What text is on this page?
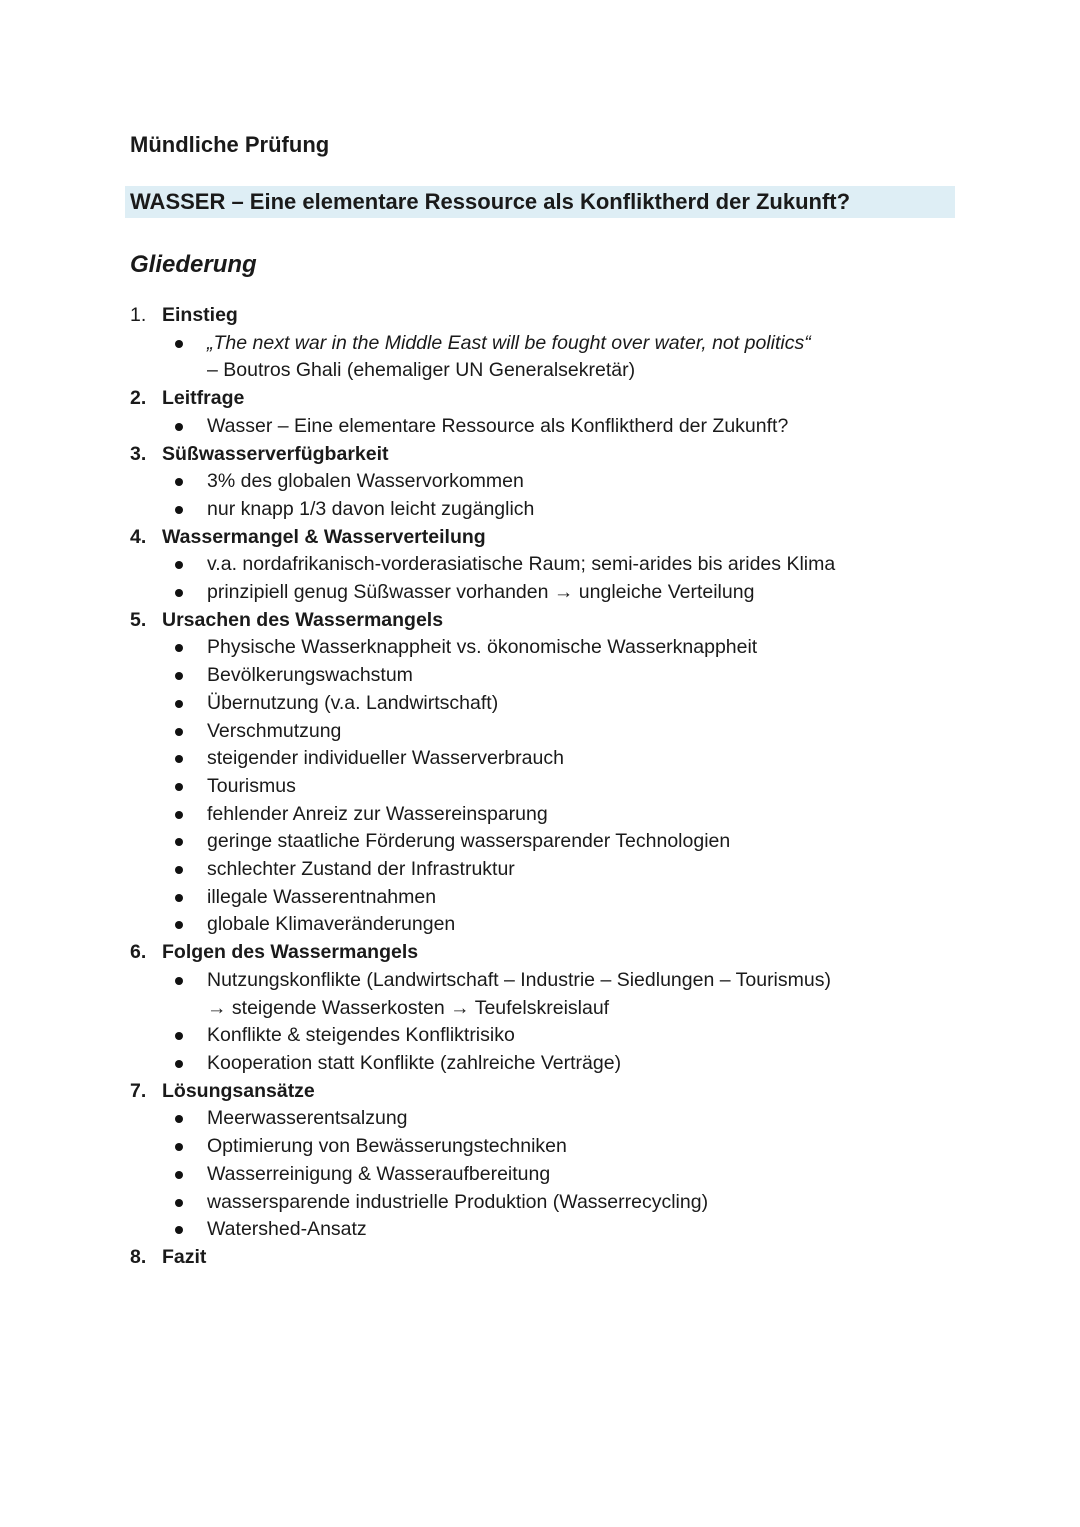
Mündliche Prüfung
WASSER – Eine elementare Ressource als Konfliktherd der Zukunft?
Gliederung
1. Einstieg
„The next war in the Middle East will be fought over water, not politics“
– Boutros Ghali (ehemaliger UN Generalsekretär)
2. Leitfrage
Wasser – Eine elementare Ressource als Konfliktherd der Zukunft?
3. Süßwasserverfügbarkeit
3% des globalen Wasservorkommen
nur knapp 1/3 davon leicht zugänglich
4. Wassermangel & Wasserverteilung
v.a. nordafrikanisch-vorderasiatische Raum; semi-arides bis arides Klima
prinzipiell genug Süßwasser vorhanden → ungleiche Verteilung
5. Ursachen des Wassermangels
Physische Wasserknappheit vs. ökonomische Wasserknappheit
Bevölkerungswachstum
Übernutzung (v.a. Landwirtschaft)
Verschmutzung
steigender individueller Wasserverbrauch
Tourismus
fehlender Anreiz zur Wassereinsparung
geringe staatliche Förderung wassersparender Technologien
schlechter Zustand der Infrastruktur
illegale Wasserentnahmen
globale Klimaveränderungen
6. Folgen des Wassermangels
Nutzungskonflikte (Landwirtschaft – Industrie – Siedlungen – Tourismus)
→ steigende Wasserkosten → Teufelskreislauf
Konflikte & steigendes Konfliktrisiko
Kooperation statt Konflikte (zahlreiche Verträge)
7. Lösungsansätze
Meerwasserentsalzung
Optimierung von Bewässerungstechniken
Wasserreinigung & Wasseraufbereitung
wassersparende industrielle Produktion (Wasserrecycling)
Watershed-Ansatz
8. Fazit
